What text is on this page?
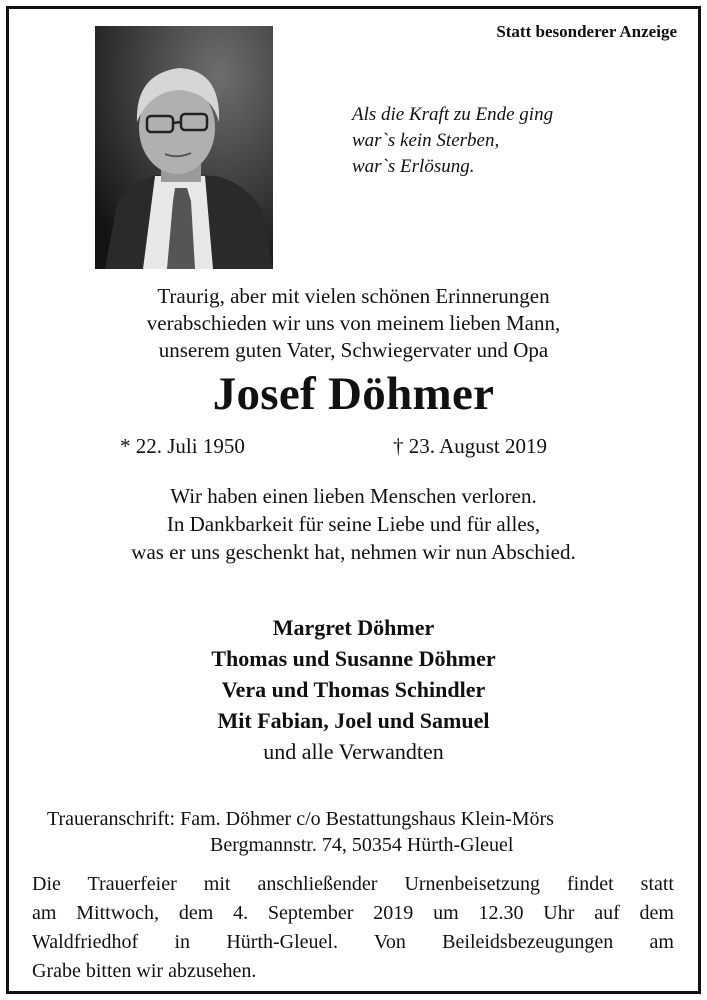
Statt besonderer Anzeige
Als die Kraft zu Ende ging
war`s kein Sterben,
war`s Erlösung.
Traurig, aber mit vielen schönen Erinnerungen
verabschieden wir uns von meinem lieben Mann,
unserem guten Vater, Schwiegervater und Opa
Josef Döhmer
* 22. Juli 1950	† 23. August 2019
Wir haben einen lieben Menschen verloren.
In Dankbarkeit für seine Liebe und für alles,
was er uns geschenkt hat, nehmen wir nun Abschied.
Margret Döhmer
Thomas und Susanne Döhmer
Vera und Thomas Schindler
Mit Fabian, Joel und Samuel
und alle Verwandten
Traueranschrift: Fam. Döhmer c/o Bestattungshaus Klein-Mörs
Bergmannstr. 74, 50354 Hürth-Gleuel
Die Trauerfeier mit anschließender Urnenbeisetzung findet statt
am Mittwoch, dem 4. September 2019 um 12.30 Uhr auf dem
Waldfriedhof in Hürth-Gleuel. Von Beileidsbezeugungen am
Grabe bitten wir abzusehen.
